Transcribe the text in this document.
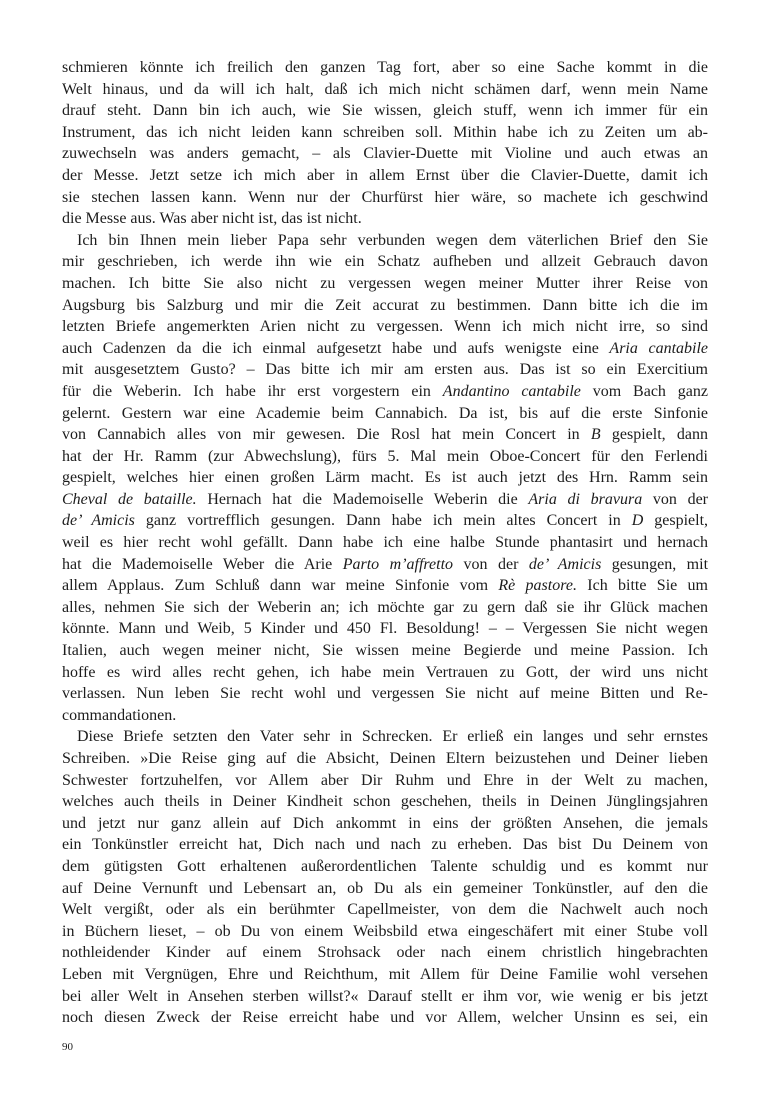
schmieren könnte ich freilich den ganzen Tag fort, aber so eine Sache kommt in die
Welt hinaus, und da will ich halt, daß ich mich nicht schämen darf, wenn mein Name
drauf steht. Dann bin ich auch, wie Sie wissen, gleich stuff, wenn ich immer für ein
Instrument, das ich nicht leiden kann schreiben soll. Mithin habe ich zu Zeiten um ab-
zuwechseln was anders gemacht, – als Clavier-Duette mit Violine und auch etwas an
der Messe. Jetzt setze ich mich aber in allem Ernst über die Clavier-Duette, damit ich
sie stechen lassen kann. Wenn nur der Churfürst hier wäre, so machete ich geschwind
die Messe aus. Was aber nicht ist, das ist nicht.
Ich bin Ihnen mein lieber Papa sehr verbunden wegen dem väterlichen Brief den Sie
mir geschrieben, ich werde ihn wie ein Schatz aufheben und allzeit Gebrauch davon
machen. Ich bitte Sie also nicht zu vergessen wegen meiner Mutter ihrer Reise von
Augsburg bis Salzburg und mir die Zeit accurat zu bestimmen. Dann bitte ich die im
letzten Briefe angemerkten Arien nicht zu vergessen. Wenn ich mich nicht irre, so sind
auch Cadenzen da die ich einmal aufgesetzt habe und aufs wenigste eine Aria cantabile
mit ausgesetztem Gusto? – Das bitte ich mir am ersten aus. Das ist so ein Exercitium
für die Weberin. Ich habe ihr erst vorgestern ein Andantino cantabile vom Bach ganz
gelernt. Gestern war eine Academie beim Cannabich. Da ist, bis auf die erste Sinfonie
von Cannabich alles von mir gewesen. Die Rosl hat mein Concert in B gespielt, dann
hat der Hr. Ramm (zur Abwechslung), fürs 5. Mal mein Oboe-Concert für den Ferlendi
gespielt, welches hier einen großen Lärm macht. Es ist auch jetzt des Hrn. Ramm sein
Cheval de bataille. Hernach hat die Mademoiselle Weberin die Aria di bravura von der
de’ Amicis ganz vortrefflich gesungen. Dann habe ich mein altes Concert in D gespielt,
weil es hier recht wohl gefällt. Dann habe ich eine halbe Stunde phantasirt und hernach
hat die Mademoiselle Weber die Arie Parto m’affretto von der de’ Amicis gesungen, mit
allem Applaus. Zum Schluß dann war meine Sinfonie vom Rè pastore. Ich bitte Sie um
alles, nehmen Sie sich der Weberin an; ich möchte gar zu gern daß sie ihr Glück machen
könnte. Mann und Weib, 5 Kinder und 450 Fl. Besoldung! – – Vergessen Sie nicht wegen
Italien, auch wegen meiner nicht, Sie wissen meine Begierde und meine Passion. Ich
hoffe es wird alles recht gehen, ich habe mein Vertrauen zu Gott, der wird uns nicht
verlassen. Nun leben Sie recht wohl und vergessen Sie nicht auf meine Bitten und Re-
commandationen.
Diese Briefe setzten den Vater sehr in Schrecken. Er erließ ein langes und sehr ernstes
Schreiben. »Die Reise ging auf die Absicht, Deinen Eltern beizustehen und Deiner lieben
Schwester fortzuhelfen, vor Allem aber Dir Ruhm und Ehre in der Welt zu machen,
welches auch theils in Deiner Kindheit schon geschehen, theils in Deinen Jünglingsjahren
und jetzt nur ganz allein auf Dich ankommt in eins der größten Ansehen, die jemals
ein Tonkünstler erreicht hat, Dich nach und nach zu erheben. Das bist Du Deinem von
dem gütigsten Gott erhaltenen außerordentlichen Talente schuldig und es kommt nur
auf Deine Vernunft und Lebensart an, ob Du als ein gemeiner Tonkünstler, auf den die
Welt vergißt, oder als ein berühmter Capellmeister, von dem die Nachwelt auch noch
in Büchern lieset, – ob Du von einem Weibsbild etwa eingeschäfert mit einer Stube voll
nothleidender Kinder auf einem Strohsack oder nach einem christlich hingebrachten
Leben mit Vergnügen, Ehre und Reichthum, mit Allem für Deine Familie wohl versehen
bei aller Welt in Ansehen sterben willst?« Darauf stellt er ihm vor, wie wenig er bis jetzt
noch diesen Zweck der Reise erreicht habe und vor Allem, welcher Unsinn es sei, ein
90
